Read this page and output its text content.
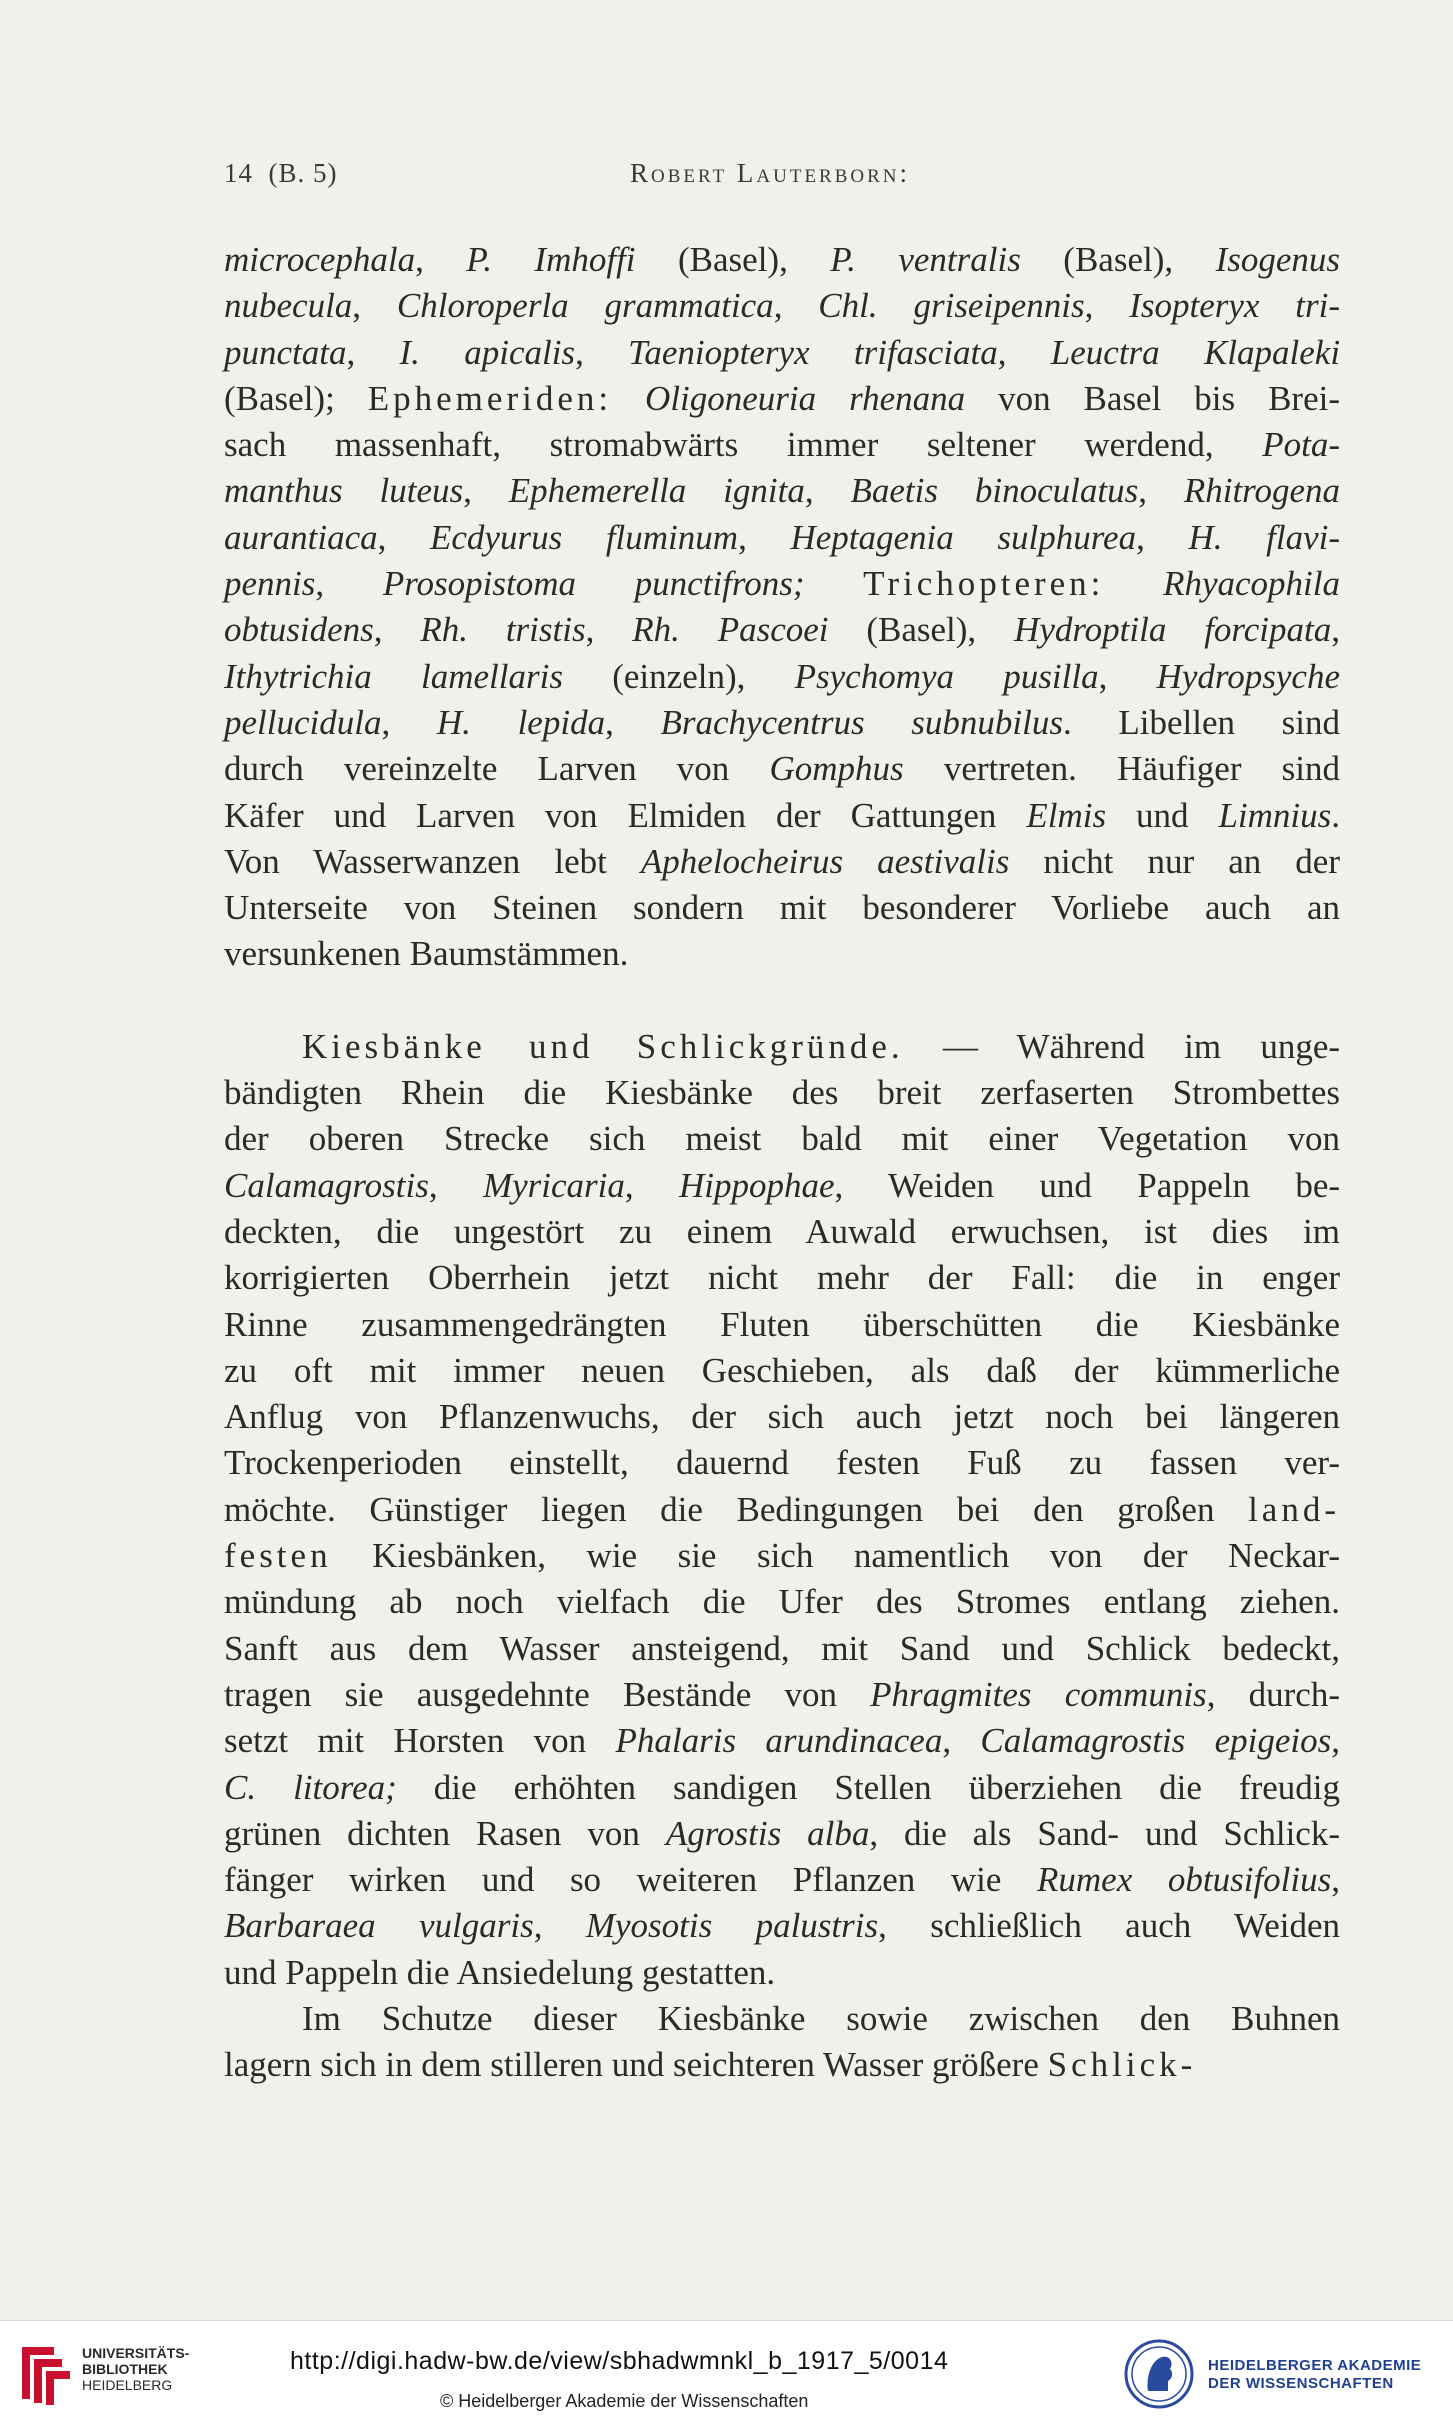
14 (B. 5)	Robert Lauterborn:
microcephala, P. Imhoffi (Basel), P. ventralis (Basel), Isogenus
nubecula, Chloroperla grammatica, Chl. griseipennis, Isopteryx tri-
punctata, I. apicalis, Taeniopteryx trifasciata, Leuctra Klapaleki
(Basel); Ephemeriden: Oligoneuria rhenana von Basel bis Brei-
sach massenhaft, stromabwärts immer seltener werdend, Pota-
manthus luteus, Ephemerella ignita, Baetis binoculatus, Rhitrogena
aurantiaca, Ecdyurus fluminum, Heptagenia sulphurea, H. flavi-
pennis, Prosopistoma punctifrons; Trichopteren: Rhyacophila
obtusidens, Rh. tristis, Rh. Pascoei (Basel), Hydroptila forcipata,
Ithytrichia lamellaris (einzeln), Psychomya pusilla, Hydropsyche
pellucidula, H. lepida, Brachycentrus subnubilus. Libellen sind
durch vereinzelte Larven von Gomphus vertreten. Häufiger sind
Käfer und Larven von Elmiden der Gattungen Elmis und Limnius.
Von Wasserwanzen lebt Aphelocheirus aestivalis nicht nur an der
Unterseite von Steinen sondern mit besonderer Vorliebe auch an
versunkenen Baumstämmen.
Kiesbänke und Schlickgründe. — Während im unge-
bändigten Rhein die Kiesbänke des breit zerfaserten Strombettes
der oberen Strecke sich meist bald mit einer Vegetation von
Calamagrostis, Myricaria, Hippophae, Weiden und Pappeln be-
deckten, die ungestört zu einem Auwald erwuchsen, ist dies im
korrigierten Oberrhein jetzt nicht mehr der Fall: die in enger
Rinne zusammengedrängten Fluten überschütten die Kiesbänke
zu oft mit immer neuen Geschieben, als daß der kümmerliche
Anflug von Pflanzenwuchs, der sich auch jetzt noch bei längeren
Trockenperioden einstellt, dauernd festen Fuß zu fassen ver-
möchte. Günstiger liegen die Bedingungen bei den großen land-
festen Kiesbänken, wie sie sich namentlich von der Neckar-
mündung ab noch vielfach die Ufer des Stromes entlang ziehen.
Sanft aus dem Wasser ansteigend, mit Sand und Schlick bedeckt,
tragen sie ausgedehnte Bestände von Phragmites communis, durch-
setzt mit Horsten von Phalaris arundinacea, Calamagrostis epigeios,
C. litorea; die erhöhten sandigen Stellen überziehen die freudig
grünen dichten Rasen von Agrostis alba, die als Sand- und Schlick-
fänger wirken und so weiteren Pflanzen wie Rumex obtusifolius,
Barbaraea vulgaris, Myosotis palustris, schließlich auch Weiden
und Pappeln die Ansiedelung gestatten.
Im Schutze dieser Kiesbänke sowie zwischen den Buhnen
lagern sich in dem stilleren und seichteren Wasser größere Schlick-
UNIVERSITÄTS-
BIBLIOTHEK
HEIDELBERG
http://digi.hadw-bw.de/view/sbhadwmnkl_b_1917_5/0014
© Heidelberger Akademie der Wissenschaften
HEIDELBERGER AKADEMIE
DER WISSENSCHAFTEN
